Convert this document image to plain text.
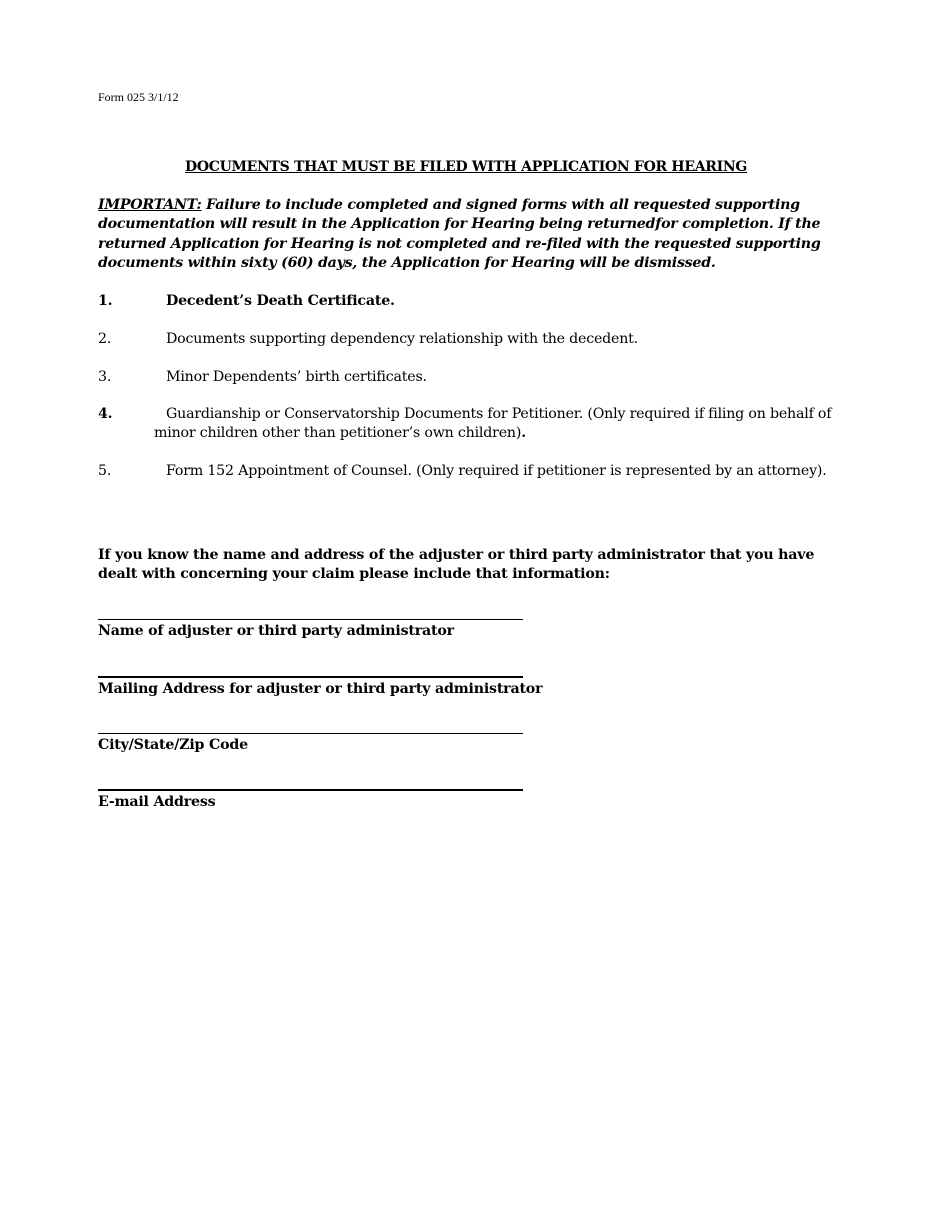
Form 025 3/1/12
DOCUMENTS THAT MUST BE FILED WITH APPLICATION FOR HEARING
IMPORTANT: Failure to include completed and signed forms with all requested supporting documentation will result in the Application for Hearing being returnedfor completion. If the returned Application for Hearing is not completed and re-filed with the requested supporting documents within sixty (60) days, the Application for Hearing will be dismissed.
1.	Decedent’s Death Certificate.
2.	Documents supporting dependency relationship with the decedent.
3.	Minor Dependents’ birth certificates.
4.	Guardianship or Conservatorship Documents for Petitioner. (Only required if filing on behalf of minor children other than petitioner’s own children).
5.	Form 152 Appointment of Counsel. (Only required if petitioner is represented by an attorney).
If you know the name and address of the adjuster or third party administrator that you have dealt with concerning your claim please include that information:
Name of adjuster or third party administrator
Mailing Address for adjuster or third party administrator
City/State/Zip Code
E-mail Address
